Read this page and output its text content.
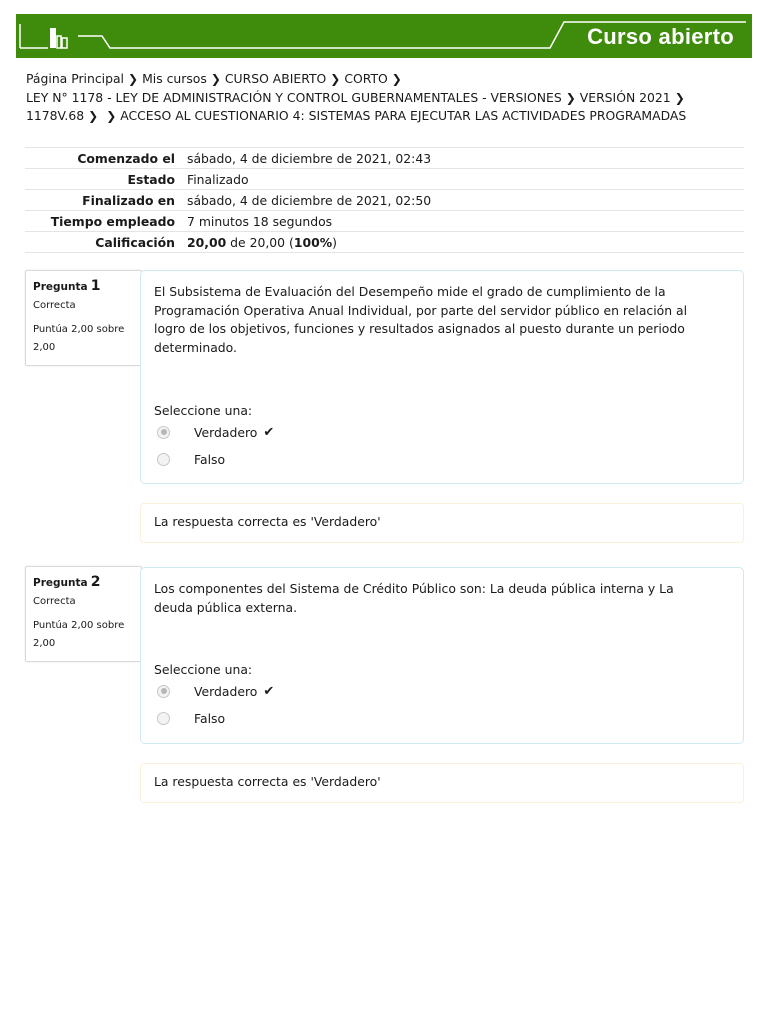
Curso abierto
Página Principal ❯ Mis cursos ❯ CURSO ABIERTO ❯ CORTO ❯
LEY N° 1178 - LEY DE ADMINISTRACIÓN Y CONTROL GUBERNAMENTALES - VERSIONES ❯ VERSIÓN 2021 ❯
1178V.68 ❯ ❯ ACCESO AL CUESTIONARIO 4: SISTEMAS PARA EJECUTAR LAS ACTIVIDADES PROGRAMADAS
Comenzado el	sábado, 4 de diciembre de 2021, 02:43
Estado	Finalizado
Finalizado en	sábado, 4 de diciembre de 2021, 02:50
Tiempo empleado	7 minutos 18 segundos
Calificación	20,00 de 20,00 (100%)
Pregunta 1
Correcta
Puntúa 2,00 sobre 2,00
El Subsistema de Evaluación del Desempeño mide el grado de cumplimiento de la Programación Operativa Anual Individual, por parte del servidor público en relación al logro de los objetivos, funciones y resultados asignados al puesto durante un periodo determinado.
Seleccione una:
Verdadero ✔
Falso
La respuesta correcta es 'Verdadero'
Pregunta 2
Correcta
Puntúa 2,00 sobre 2,00
Los componentes del Sistema de Crédito Público son: La deuda pública interna y La deuda pública externa.
Seleccione una:
Verdadero ✔
Falso
La respuesta correcta es 'Verdadero'
